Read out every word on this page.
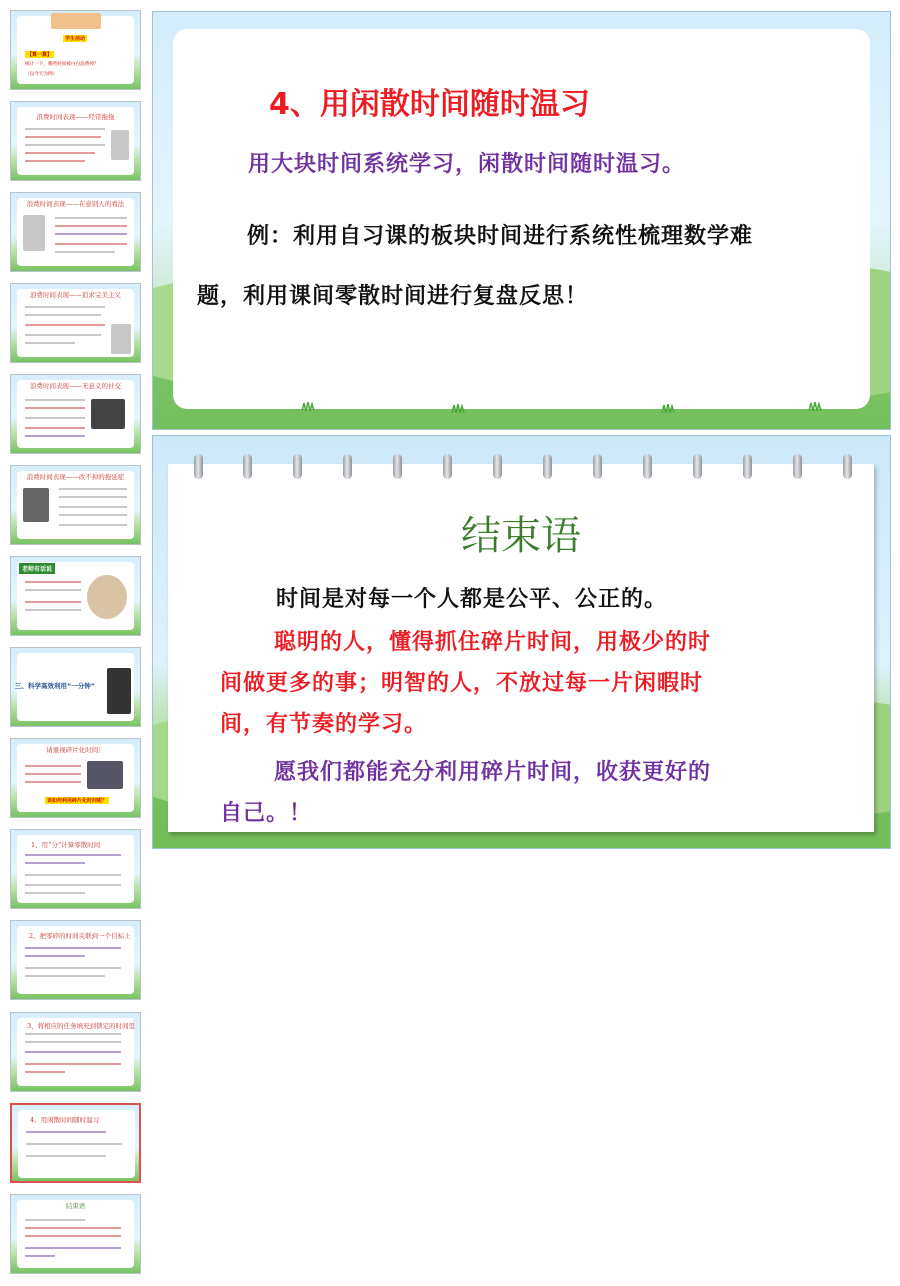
学生活动
【算一算】
统计一下，哪些时间被白白浪费掉？
（以今天为例）
浪费时间表现——经常拖拖
浪费时间表现——在意别人的看法
浪费时间表现——追求完美主义
浪费时间表现——无意义的社交
浪费时间表现——改不掉的拖延症
老师有话说
三、科学高效利用“一分钟”
请重视碎片化时间！
该如何利用碎片化时间呢？
1、用“分”计算零散时间
2、把零碎的时间关联到一个目标上
3、将相应的任务填充到锁定的时间里
4、用闲散时间随时温习
结束语
4、用闲散时间随时温习
用大块时间系统学习，闲散时间随时温习。
例：利用自习课的板块时间进行系统性梳理数学难
题，利用课间零散时间进行复盘反思！
结束语
时间是对每一个人都是公平、公正的。
聪明的人，懂得抓住碎片时间，用极少的时
间做更多的事；明智的人，不放过每一片闲暇时
间，有节奏的学习。
愿我们都能充分利用碎片时间，收获更好的
自己。！
